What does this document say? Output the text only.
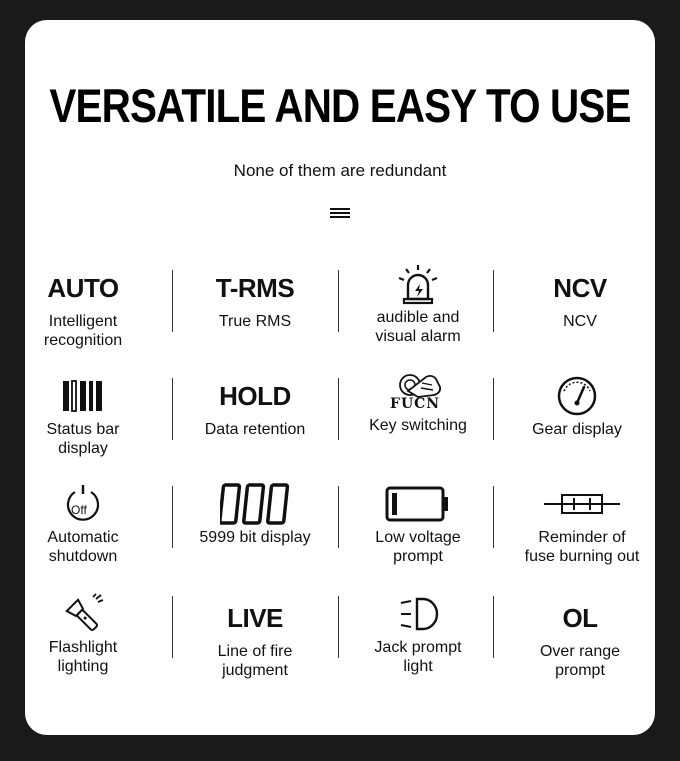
VERSATILE AND EASY TO USE
None of them are redundant
AUTO
Intelligent
recognition
T-RMS
True RMS	audible and
visual alarm
NCV
NCV
Status bar
display
HOLD
Data retention
FUCN
Key switching	Gear display
Off
Automatic
shutdown
5999 bit display	Low voltage
prompt
Reminder of
fuse burning out
Flashlight
lighting
LIVE
Line of fire
judgment
Jack prompt
light
OL
Over range
prompt
